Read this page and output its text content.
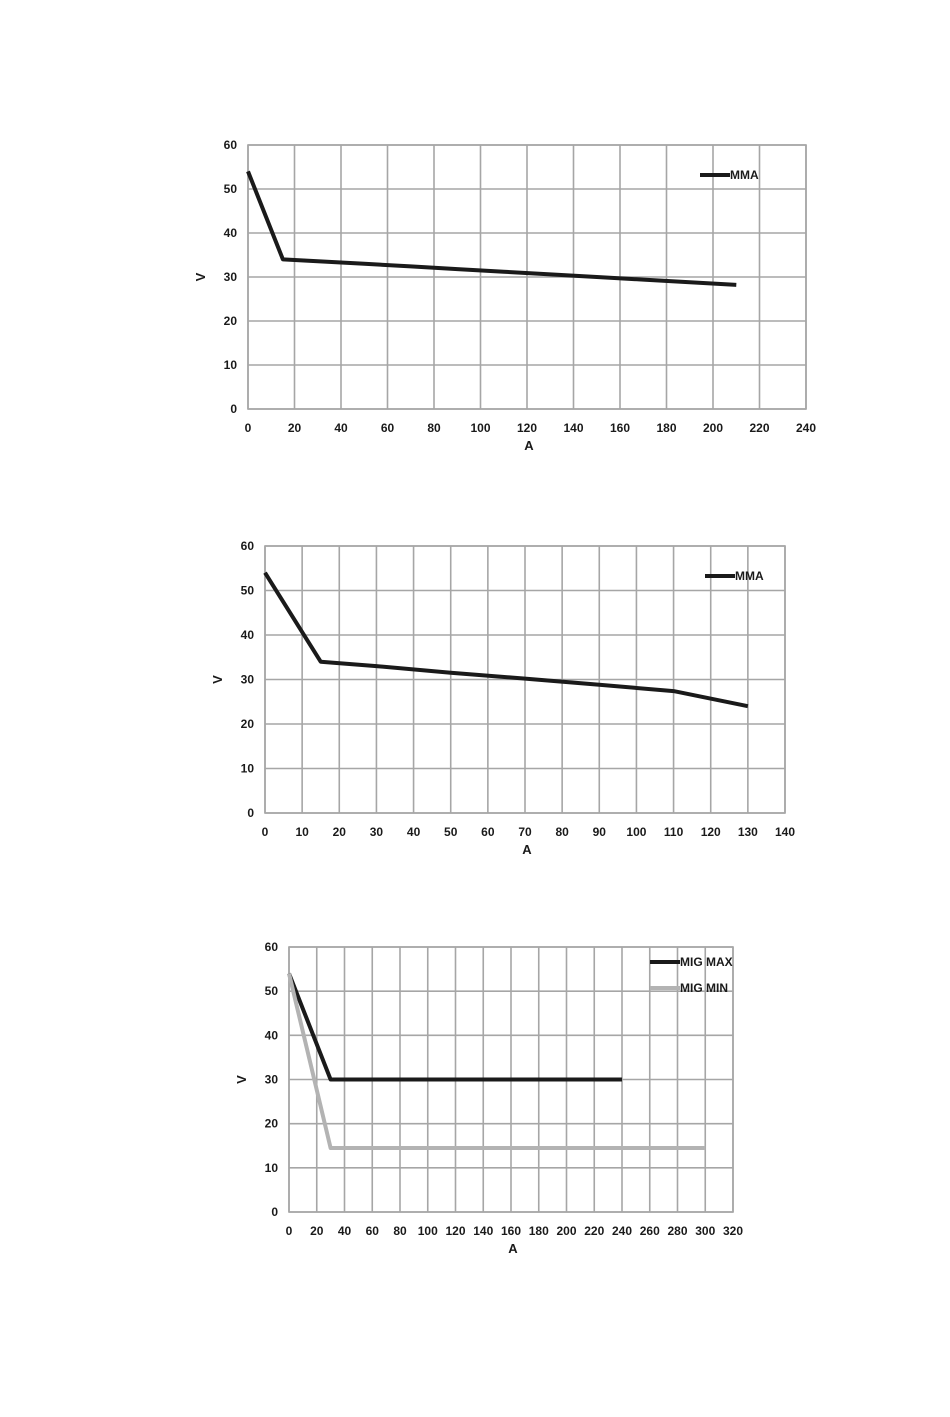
0	20	40	60	80 100 120 140 160 180 200 220 240
0
10
20
30
40
50
60
A
V
MMA
0 10 20 30 40 50 60 70 80 90 100 110 120 130 140
0
10
20
30
40
50
60
A
V
MMA
0 20 40 60 80 100 120 140 160 180 200 220 240 260 280 300 320
0
10
20
30
40
50
60
A
V
MIG MAX
MIG MIN
